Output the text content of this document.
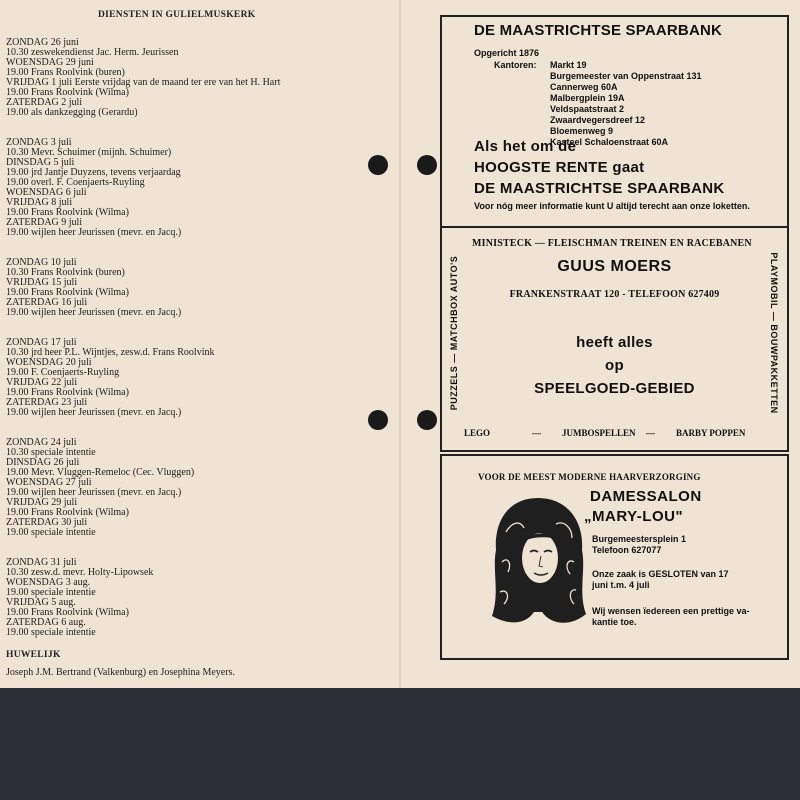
DIENSTEN IN GULIELMUSKERK
ZONDAG 26 juni
10.30 zeswekendienst Jac. Herm. Jeurissen
WOENSDAG 29 juni
19.00 Frans Roolvink (buren)
VRIJDAG 1 juli Eerste vrijdag van de maand ter ere van het H. Hart
19.00 Frans Roolvink (Wilma)
ZATERDAG 2 juli
19.00 als dankzegging (Gerardu)
ZONDAG 3 juli
10.30 Mevr. Schuimer (mijnh. Schuimer)
DINSDAG 5 juli
19.00 jrd Jantje Duyzens, tevens verjaardag
19.00 overl. F. Coenjaerts-Ruyling
WOENSDAG 6 juli
VRIJDAG 8 juli
19.00 Frans Roolvink (Wilma)
ZATERDAG 9 juli
19.00 wijlen heer Jeurissen (mevr. en Jacq.)
ZONDAG 10 juli
10.30 Frans Roolvink (buren)
VRIJDAG 15 juli
19.00 Frans Roolvink (Wilma)
ZATERDAG 16 juli
19.00 wijlen heer Jeurissen (mevr. en Jacq.)
ZONDAG 17 juli
10.30 jrd heer P.L. Wijntjes, zesw.d. Frans Roolvink
WOENSDAG 20 juli
19.00 F. Coenjaerts-Ruyling
VRIJDAG 22 juli
19.00 Frans Roolvink (Wilma)
ZATERDAG 23 juli
19.00 wijlen heer Jeurissen (mevr. en Jacq.)
ZONDAG 24 juli
10.30 speciale intentie
DINSDAG 26 juli
19.00 Mevr. Vluggen-Remeloc (Cec. Vluggen)
WOENSDAG 27 juli
19.00 wijlen heer Jeurissen (mevr. en Jacq.)
VRIJDAG 29 juli
19.00 Frans Roolvink (Wilma)
ZATERDAG 30 juli
19.00 speciale intentie
ZONDAG 31 juli
10.30 zesw.d. mevr. Holty-Lipowsek
WOENSDAG 3 aug.
19.00 speciale intentie
VRIJDAG 5 aug.
19.00 Frans Roolvink (Wilma)
ZATERDAG 6 aug.
19.00 speciale intentie
HUWELIJK
Joseph J.M. Bertrand (Valkenburg) en Josephina Meyers.
DE MAASTRICHTSE SPAARBANK
Opgericht 1876
Kantoren: Markt 19
Burgemeester van Oppenstraat 131
Cannerweg 60A
Malbergplein 19A
Veldspaatstraat 2
Zwaardvegersdreef 12
Bloemenweg 9
Kasteel Schaloenstraat 60A
Als het om de
HOOGSTE RENTE gaat
DE MAASTRICHTSE SPAARBANK
Voor nóg meer informatie kunt U altijd terecht aan onze loketten.
PUZZELS — MATCHBOX AUTO'S	PLAYMOBIL — BOUWPAKKETTEN
MINISTECK — FLEISCHMAN TREINEN EN RACEBANEN
GUUS MOERS
FRANKENSTRAAT 120 - TELEFOON 627409
heeft alles
op
SPEELGOED-GEBIED
LEGO	— JUMBOSPELLEN — BARBY POPPEN
VOOR DE MEEST MODERNE HAARVERZORGING
DAMESSALON
„MARY-LOU"
Burgemeestersplein 1
Telefoon 627077
Onze zaak is GESLOTEN van 17
juni t.m. 4 juli
Wij wensen ïedereen een prettige va-
kantie toe.
